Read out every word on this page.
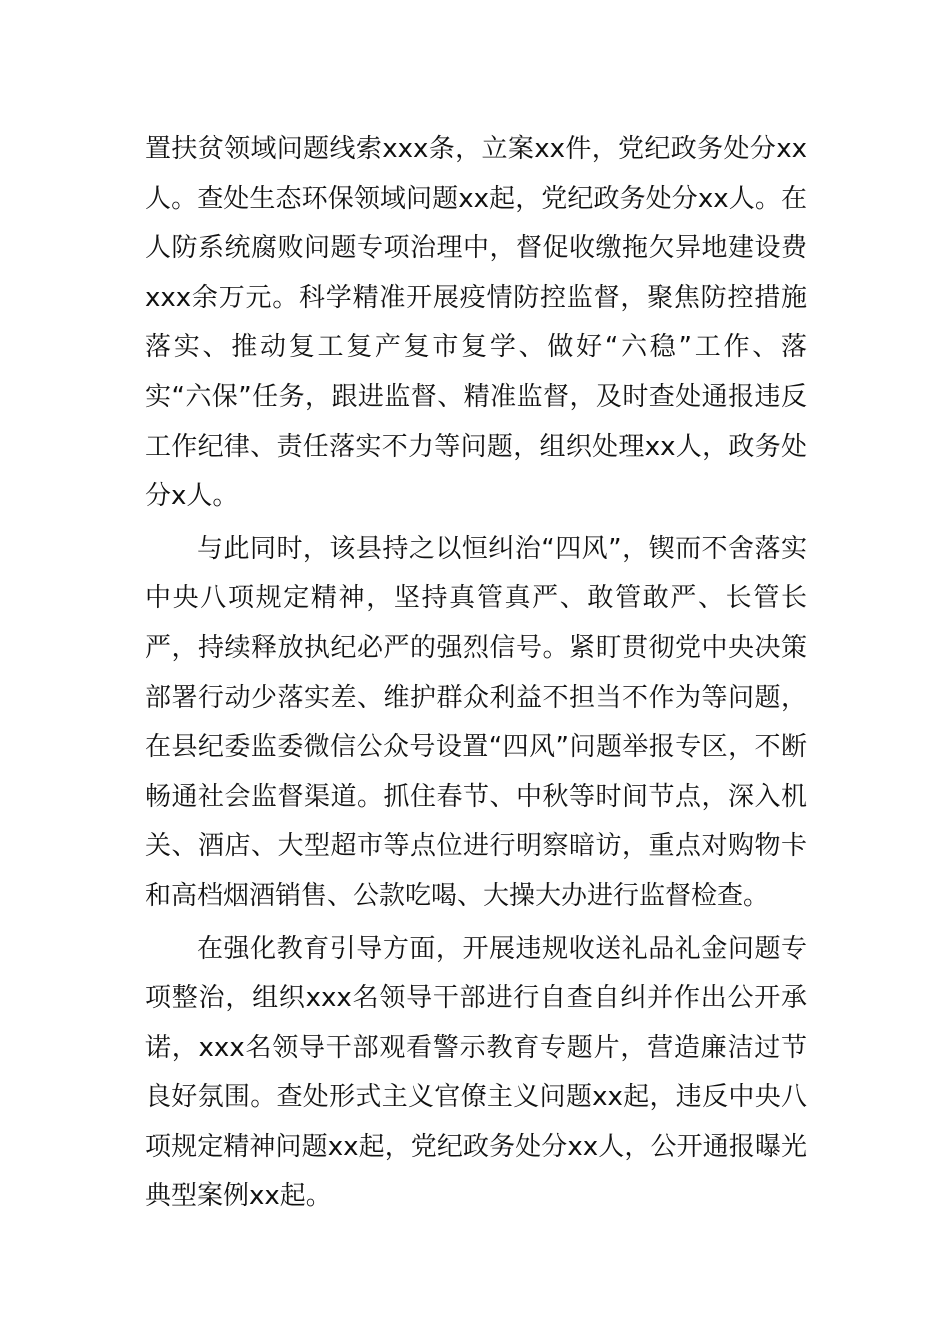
置扶贫领域问题线索xxx条，立案xx件，党纪政务处分xx人。查处生态环保领域问题xx起，党纪政务处分xx人。在人防系统腐败问题专项治理中，督促收缴拖欠异地建设费xxx余万元。科学精准开展疫情防控监督，聚焦防控措施落实、推动复工复产复市复学、做好“六稳”工作、落实“六保”任务，跟进监督、精准监督，及时查处通报违反工作纪律、责任落实不力等问题，组织处理xx人，政务处分x人。

与此同时，该县持之以恒纠治“四风”，锲而不舍落实中央八项规定精神，坚持真管真严、敢管敢严、长管长严，持续释放执纪必严的强烈信号。紧盯贯彻党中央决策部署行动少落实差、维护群众利益不担当不作为等问题，在县纪委监委微信公众号设置“四风”问题举报专区，不断畅通社会监督渠道。抓住春节、中秋等时间节点，深入机关、酒店、大型超市等点位进行明察暗访，重点对购物卡和高档烟酒销售、公款吃喝、大操大办进行监督检查。

在强化教育引导方面，开展违规收送礼品礼金问题专项整治，组织xxx名领导干部进行自查自纠并作出公开承诺，xxx名领导干部观看警示教育专题片，营造廉洁过节良好氛围。查处形式主义官僚主义问题xx起，违反中央八项规定精神问题xx起，党纪政务处分xx人，公开通报曝光典型案例xx起。
